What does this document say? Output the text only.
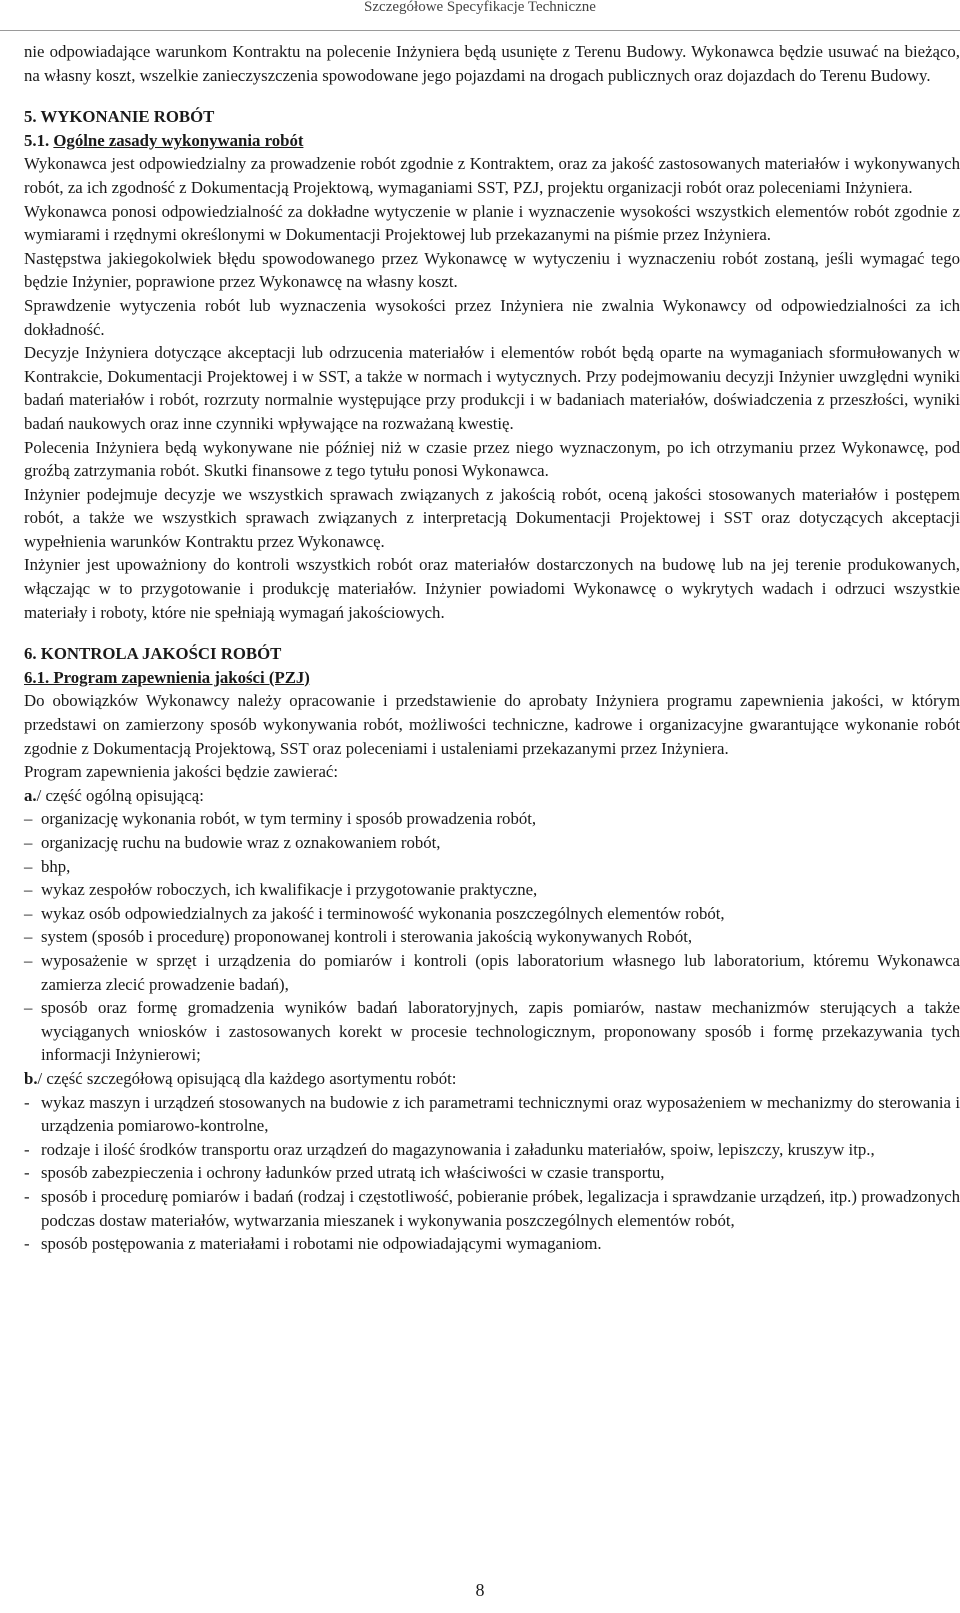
Szczegółowe Specyfikacje Techniczne

nie odpowiadające warunkom Kontraktu na polecenie Inżyniera będą usunięte z Terenu Budowy. Wykonawca będzie usuwać na bieżąco, na własny koszt, wszelkie zanieczyszczenia spowodowane jego pojazdami na drogach publicznych oraz dojazdach do Terenu Budowy.

5. WYKONANIE ROBÓT

5.1. Ogólne zasady wykonywania robót

Wykonawca jest odpowiedzialny za prowadzenie robót zgodnie z Kontraktem, oraz za jakość zastosowanych materiałów i wykonywanych robót, za ich zgodność z Dokumentacją Projektową, wymaganiami SST, PZJ, projektu organizacji robót oraz poleceniami Inżyniera.

Wykonawca ponosi odpowiedzialność za dokładne wytyczenie w planie i wyznaczenie wysokości wszystkich elementów robót zgodnie z wymiarami i rzędnymi określonymi w Dokumentacji Projektowej lub przekazanymi na piśmie przez Inżyniera.

Następstwa jakiegokolwiek błędu spowodowanego przez Wykonawcę w wytyczeniu i wyznaczeniu robót zostaną, jeśli wymagać tego będzie Inżynier, poprawione przez Wykonawcę na własny koszt.

Sprawdzenie wytyczenia robót lub wyznaczenia wysokości przez Inżyniera nie zwalnia Wykonawcy od odpowiedzialności za ich dokładność.

Decyzje Inżyniera dotyczące akceptacji lub odrzucenia materiałów i elementów robót będą oparte na wymaganiach sformułowanych w Kontrakcie, Dokumentacji Projektowej i w SST, a także w normach i wytycznych. Przy podejmowaniu decyzji Inżynier uwzględni wyniki badań materiałów i robót, rozrzuty normalnie występujące przy produkcji i w badaniach materiałów, doświadczenia z przeszłości, wyniki badań naukowych oraz inne czynniki wpływające na rozważaną kwestię.

Polecenia Inżyniera będą wykonywane nie później niż w czasie przez niego wyznaczonym, po ich otrzymaniu przez Wykonawcę, pod groźbą zatrzymania robót. Skutki finansowe z tego tytułu ponosi Wykonawca.

Inżynier podejmuje decyzje we wszystkich sprawach związanych z jakością robót, oceną jakości stosowanych materiałów i postępem robót, a także we wszystkich sprawach związanych z interpretacją Dokumentacji Projektowej i SST oraz dotyczących akceptacji wypełnienia warunków Kontraktu przez Wykonawcę.

Inżynier jest upoważniony do kontroli wszystkich robót oraz materiałów dostarczonych na budowę lub na jej terenie produkowanych, włączając w to przygotowanie i produkcję materiałów. Inżynier powiadomi Wykonawcę o wykrytych wadach i odrzuci wszystkie materiały i roboty, które nie spełniają wymagań jakościowych.

6. KONTROLA JAKOŚCI ROBÓT

6.1. Program zapewnienia jakości (PZJ)

Do obowiązków Wykonawcy należy opracowanie i przedstawienie do aprobaty Inżyniera programu zapewnienia jakości, w którym przedstawi on zamierzony sposób wykonywania robót, możliwości techniczne, kadrowe i organizacyjne gwarantujące wykonanie robót zgodnie z Dokumentacją Projektową, SST oraz poleceniami i ustaleniami przekazanymi przez Inżyniera.

Program zapewnienia jakości będzie zawierać:

a./ część ogólną opisującą:

– organizację wykonania robót, w tym terminy i sposób prowadzenia robót,
– organizację ruchu na budowie wraz z oznakowaniem robót,
– bhp,
– wykaz zespołów roboczych, ich kwalifikacje i przygotowanie praktyczne,
– wykaz osób odpowiedzialnych za jakość i terminowość wykonania poszczególnych elementów robót,
– system (sposób i procedurę) proponowanej kontroli i sterowania jakością wykonywanych Robót,
– wyposażenie w sprzęt i urządzenia do pomiarów i kontroli (opis laboratorium własnego lub laboratorium, któremu Wykonawca zamierza zlecić prowadzenie badań),
– sposób oraz formę gromadzenia wyników badań laboratoryjnych, zapis pomiarów, nastaw mechanizmów sterujących a także wyciąganych wniosków i zastosowanych korekt w procesie technologicznym, proponowany sposób i formę przekazywania tych informacji Inżynierowi;

b./ część szczegółową opisującą dla każdego asortymentu robót:

- wykaz maszyn i urządzeń stosowanych na budowie z ich parametrami technicznymi oraz wyposażeniem w mechanizmy do sterowania i urządzenia pomiarowo-kontrolne,
- rodzaje i ilość środków transportu oraz urządzeń do magazynowania i załadunku materiałów, spoiw, lepiszczy, kruszyw itp.,
- sposób zabezpieczenia i ochrony ładunków przed utratą ich właściwości w czasie transportu,
- sposób i procedurę pomiarów i badań (rodzaj i częstotliwość, pobieranie próbek, legalizacja i sprawdzanie urządzeń, itp.) prowadzonych podczas dostaw materiałów, wytwarzania mieszanek i wykonywania poszczególnych elementów robót,
- sposób postępowania z materiałami i robotami nie odpowiadającymi wymaganiom.
8
